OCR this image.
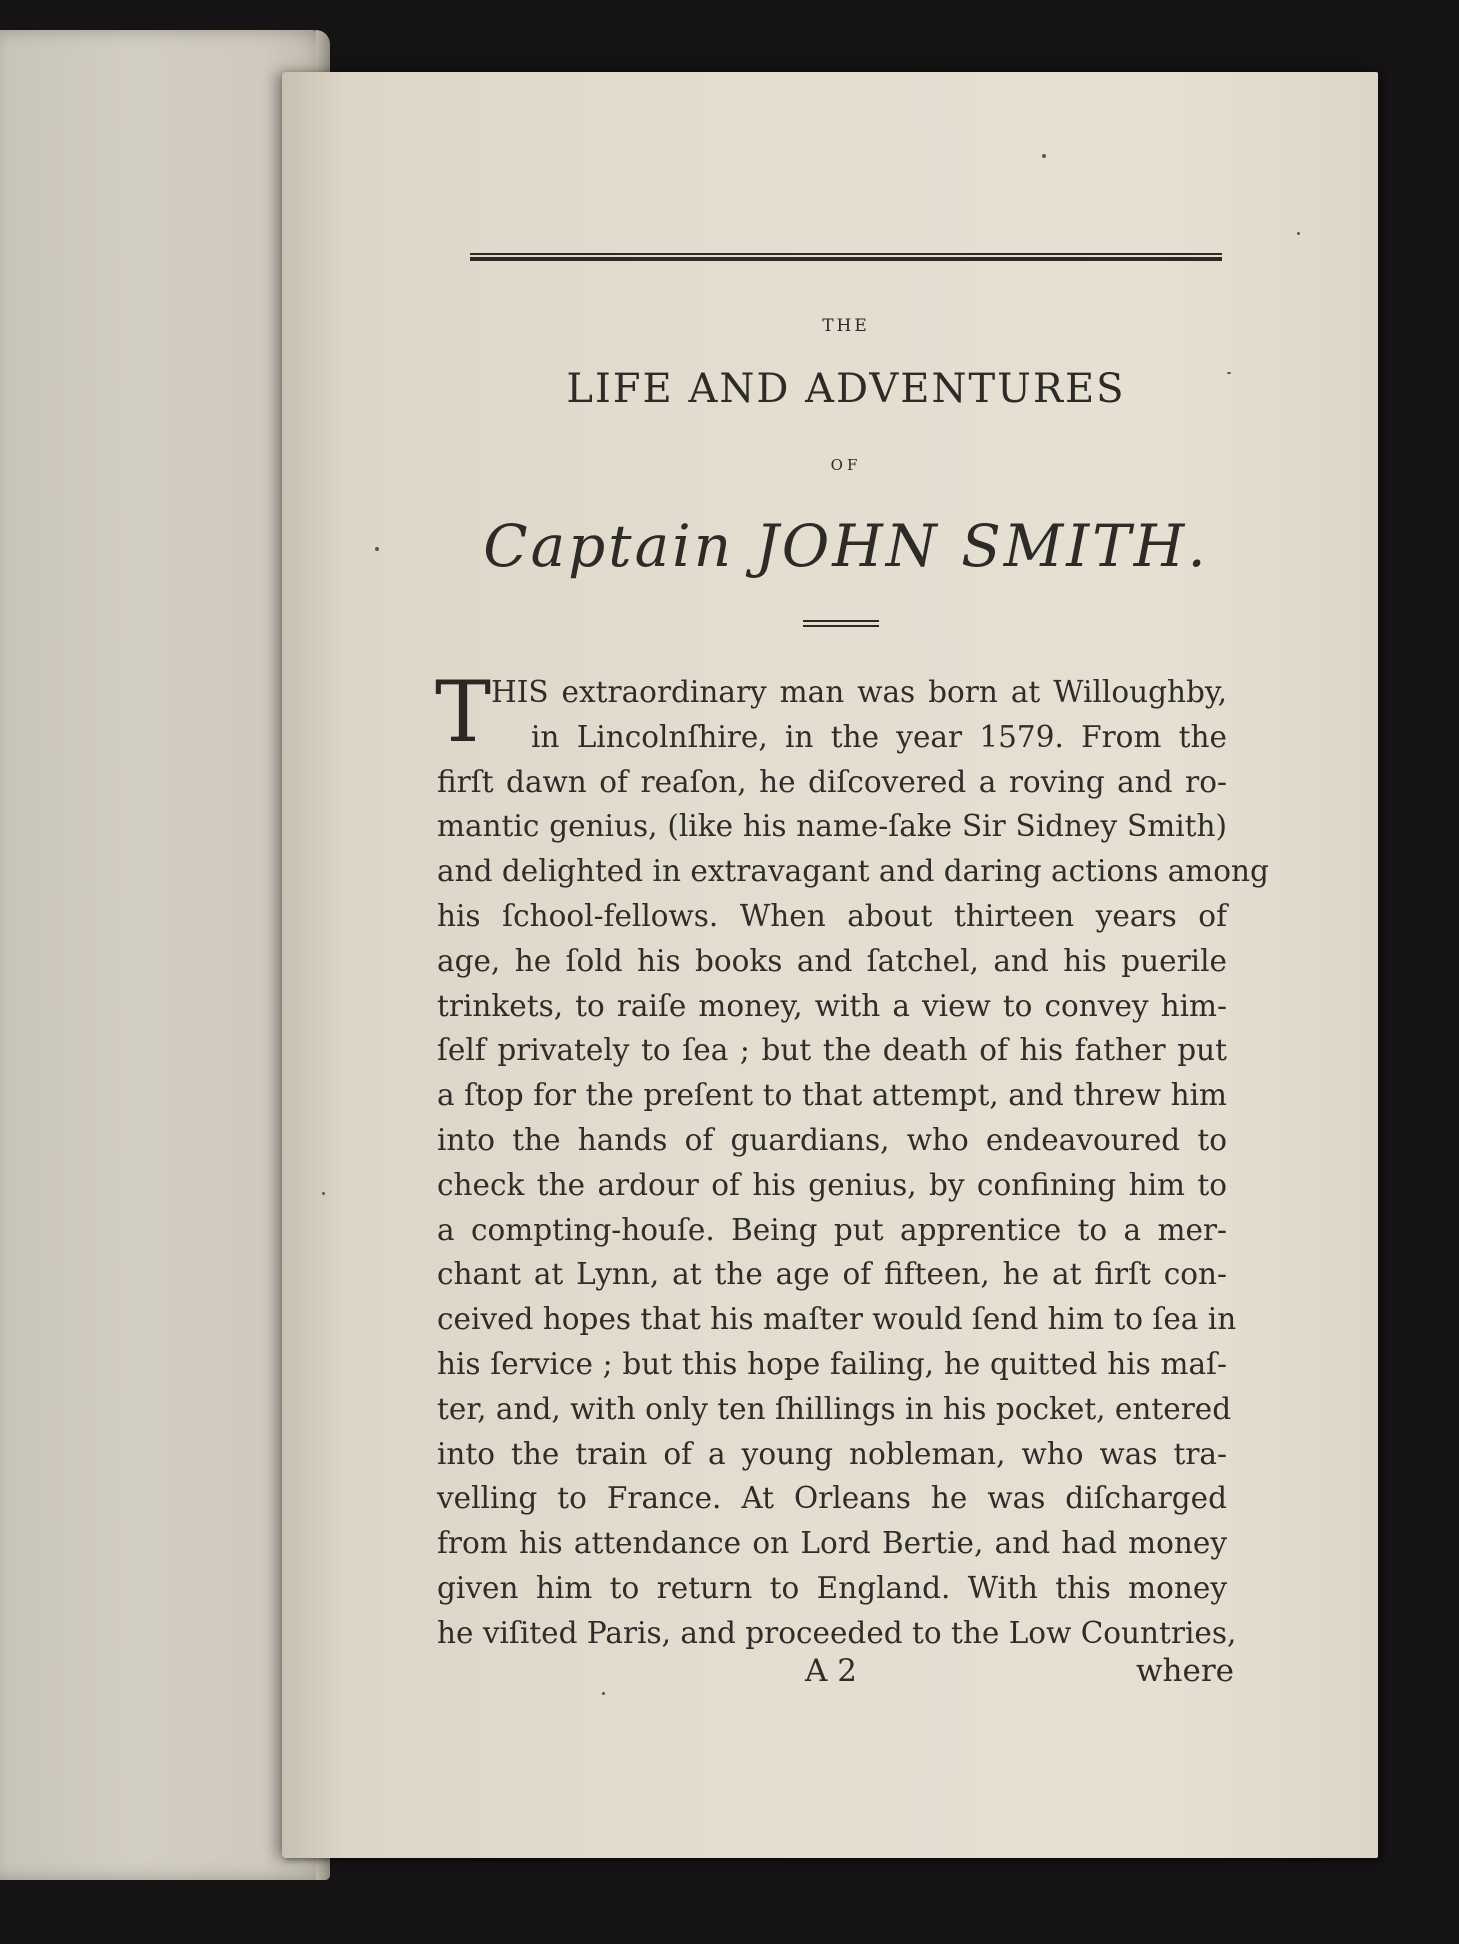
THE
LIFE AND ADVENTURES
OF
Captain JOHN SMITH.
T HIS extraordinary man was born at Willoughby,
in Lincolnſhire, in the year 1579. From the
firſt dawn of reaſon, he diſcovered a roving and ro-
mantic genius, (like his name-ſake Sir Sidney Smith)
and delighted in extravagant and daring actions among
his ſchool-fellows. When about thirteen years of
age, he ſold his books and ſatchel, and his puerile
trinkets, to raiſe money, with a view to convey him-
ſelf privately to ſea ; but the death of his father put
a ſtop for the preſent to that attempt, and threw him
into the hands of guardians, who endeavoured to
check the ardour of his genius, by confining him to
a compting-houſe. Being put apprentice to a mer-
chant at Lynn, at the age of fifteen, he at firſt con-
ceived hopes that his maſter would ſend him to ſea in
his ſervice ; but this hope failing, he quitted his maſ-
ter, and, with only ten ſhillings in his pocket, entered
into the train of a young nobleman, who was tra-
velling to France. At Orleans he was diſcharged
from his attendance on Lord Bertie, and had money
given him to return to England. With this money
he viſited Paris, and proceeded to the Low Countries,
A 2	where
